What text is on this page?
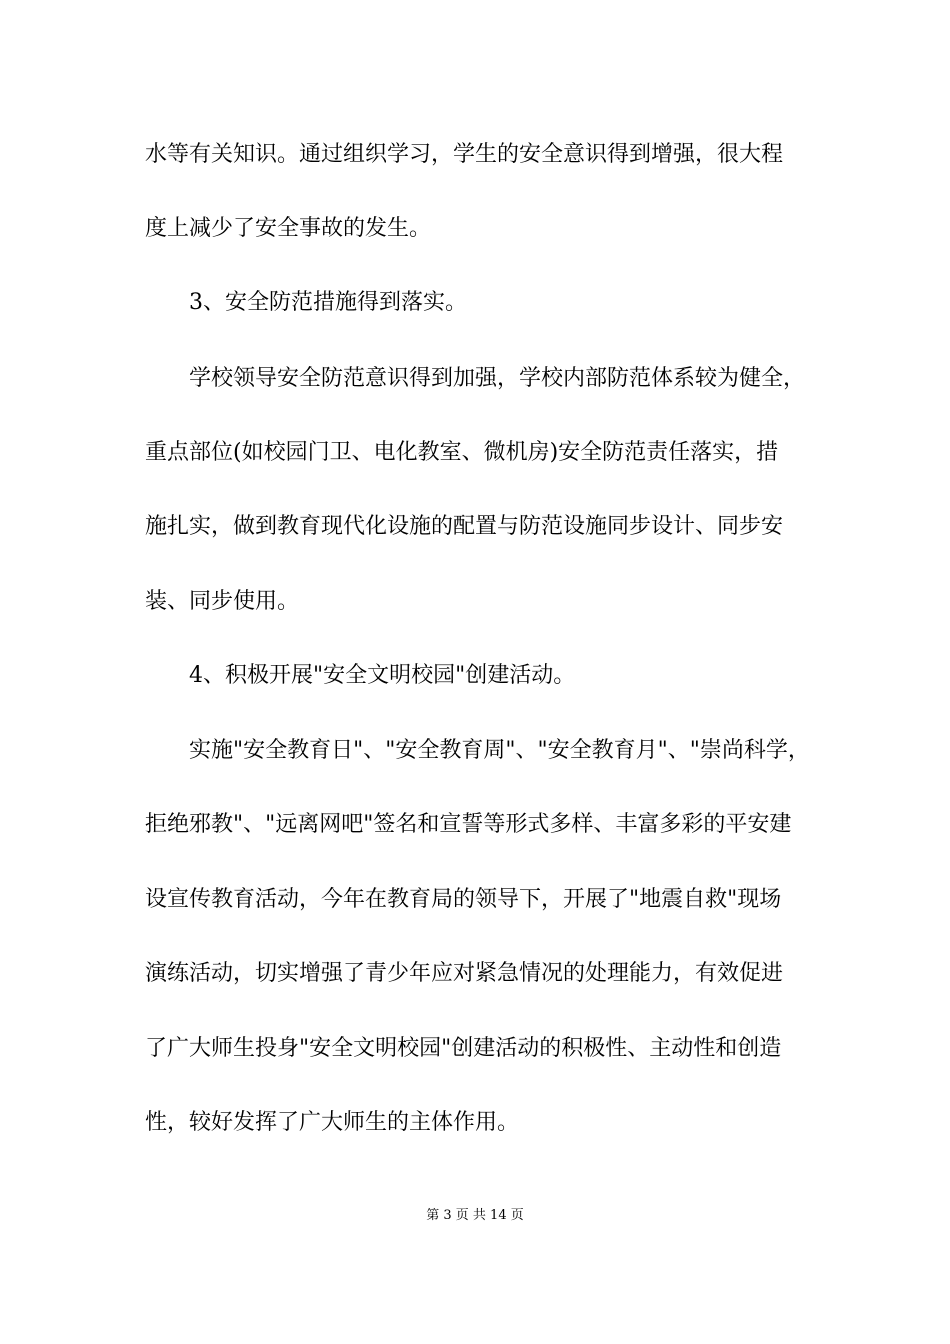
水等有关知识。通过组织学习，学生的安全意识得到增强，很大程
度上减少了安全事故的发生。
3、安全防范措施得到落实。
学校领导安全防范意识得到加强，学校内部防范体系较为健全，
重点部位(如校园门卫、电化教室、微机房)安全防范责任落实，措
施扎实，做到教育现代化设施的配置与防范设施同步设计、同步安
装、同步使用。
4、积极开展"安全文明校园"创建活动。
实施"安全教育日"、"安全教育周"、"安全教育月"、"崇尚科学，
拒绝邪教"、"远离网吧"签名和宣誓等形式多样、丰富多彩的平安建
设宣传教育活动，今年在教育局的领导下，开展了"地震自救"现场
演练活动，切实增强了青少年应对紧急情况的处理能力，有效促进
了广大师生投身"安全文明校园"创建活动的积极性、主动性和创造
性，较好发挥了广大师生的主体作用。
第 3 页 共 14 页
